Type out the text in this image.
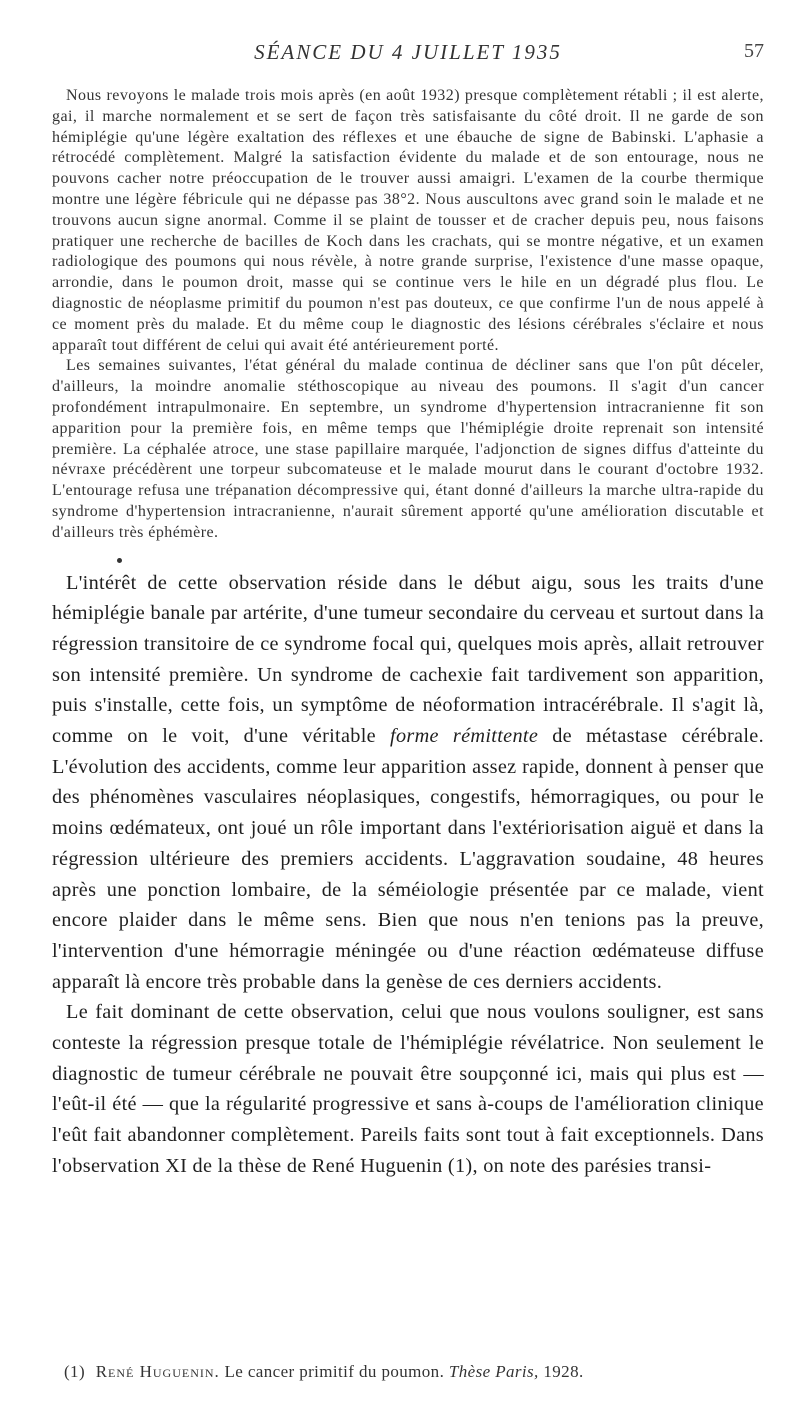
SÉANCE DU 4 JUILLET 1935	57

Nous revoyons le malade trois mois après (en août 1932) presque complètement rétabli ; il est alerte, gai, il marche normalement et se sert de façon très satisfaisante du côté droit. Il ne garde de son hémiplégie qu'une légère exaltation des réflexes et une ébauche de signe de Babinski. L'aphasie a rétrocédé complètement. Malgré la satisfaction évidente du malade et de son entourage, nous ne pouvons cacher notre préoccupation de le trouver aussi amaigri. L'examen de la courbe thermique montre une légère fébricule qui ne dépasse pas 38°2. Nous auscultons avec grand soin le malade et ne trouvons aucun signe anormal. Comme il se plaint de tousser et de cracher depuis peu, nous faisons pratiquer une recherche de bacilles de Koch dans les crachats, qui se montre négative, et un examen radiologique des poumons qui nous révèle, à notre grande surprise, l'existence d'une masse opaque, arrondie, dans le poumon droit, masse qui se continue vers le hile en un dégradé plus flou. Le diagnostic de néoplasme primitif du poumon n'est pas douteux, ce que confirme l'un de nous appelé à ce moment près du malade. Et du même coup le diagnostic des lésions cérébrales s'éclaire et nous apparaît tout différent de celui qui avait été antérieurement porté.

Les semaines suivantes, l'état général du malade continua de décliner sans que l'on pût déceler, d'ailleurs, la moindre anomalie stéthoscopique au niveau des poumons. Il s'agit d'un cancer profondément intrapulmonaire. En septembre, un syndrome d'hypertension intracranienne fit son apparition pour la première fois, en même temps que l'hémiplégie droite reprenait son intensité première. La céphalée atroce, une stase papillaire marquée, l'adjonction de signes diffus d'atteinte du névraxe précédèrent une torpeur subcomateuse et le malade mourut dans le courant d'octobre 1932. L'entourage refusa une trépanation décompressive qui, étant donné d'ailleurs la marche ultra-rapide du syndrome d'hypertension intracranienne, n'aurait sûrement apporté qu'une amélioration discutable et d'ailleurs très éphémère.

L'intérêt de cette observation réside dans le début aigu, sous les traits d'une hémiplégie banale par artérite, d'une tumeur secondaire du cerveau et surtout dans la régression transitoire de ce syndrome focal qui, quelques mois après, allait retrouver son intensité première. Un syndrome de cachexie fait tardivement son apparition, puis s'installe, cette fois, un symptôme de néoformation intracérébrale. Il s'agit là, comme on le voit, d'une véritable forme rémittente de métastase cérébrale. L'évolution des accidents, comme leur apparition assez rapide, donnent à penser que des phénomènes vasculaires néoplasiques, congestifs, hémorragiques, ou pour le moins œdémateux, ont joué un rôle important dans l'extériorisation aiguë et dans la régression ultérieure des premiers accidents. L'aggravation soudaine, 48 heures après une ponction lombaire, de la séméiologie présentée par ce malade, vient encore plaider dans le même sens. Bien que nous n'en tenions pas la preuve, l'intervention d'une hémorragie méningée ou d'une réaction œdémateuse diffuse apparaît là encore très probable dans la genèse de ces derniers accidents.

Le fait dominant de cette observation, celui que nous voulons souligner, est sans conteste la régression presque totale de l'hémiplégie révélatrice. Non seulement le diagnostic de tumeur cérébrale ne pouvait être soupçonné ici, mais qui plus est — l'eût-il été — que la régularité progressive et sans à-coups de l'amélioration clinique l'eût fait abandonner complètement. Pareils faits sont tout à fait exceptionnels. Dans l'observation XI de la thèse de René Huguenin (1), on note des parésies transi-

(1) René Huguenin. Le cancer primitif du poumon. Thèse Paris, 1928.
